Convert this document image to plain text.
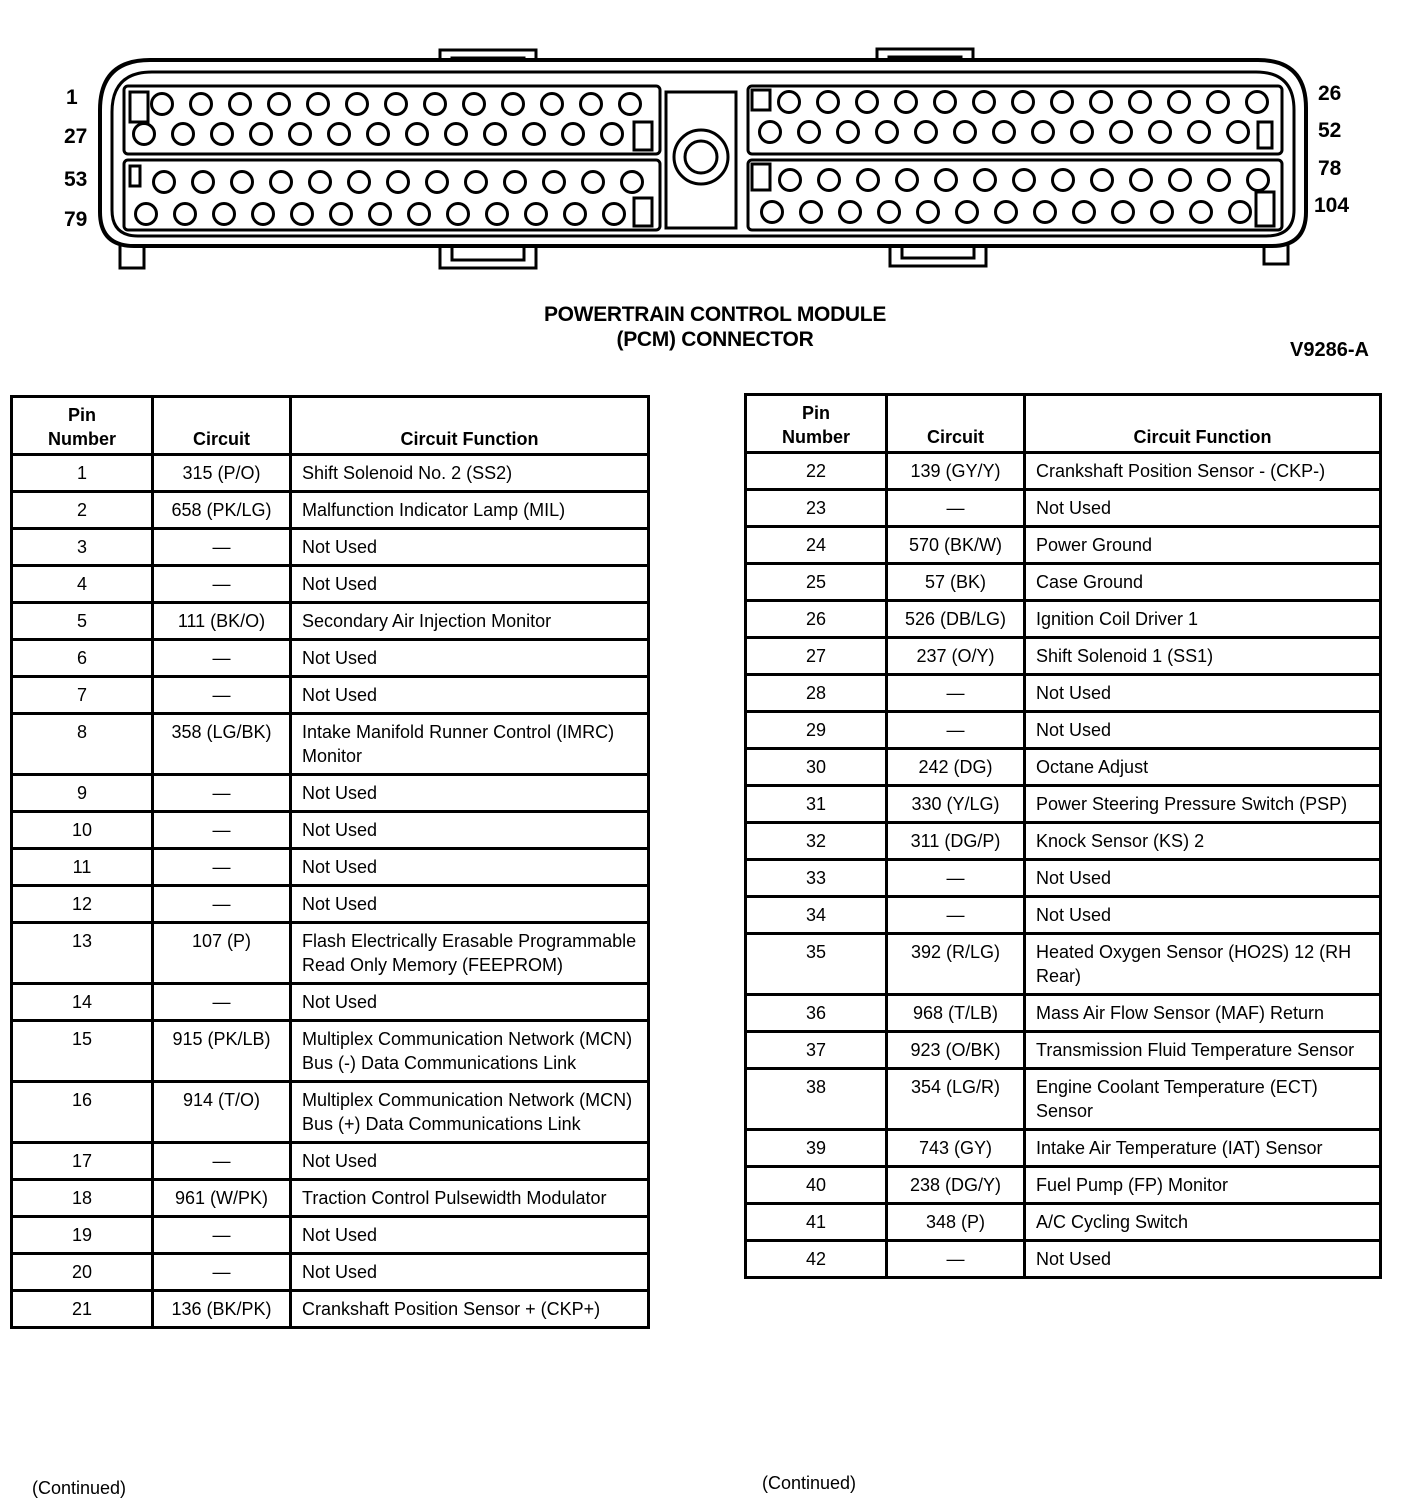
1
27
53
79
26
52
78
104
POWERTRAIN CONTROL MODULE
(PCM) CONNECTOR	V9286-A
Pin
Number	Circuit	Circuit Function
1	315 (P/O)	Shift Solenoid No. 2 (SS2)
2	658 (PK/LG)	Malfunction Indicator Lamp (MIL)
3	—	Not Used
4	—	Not Used
5	111 (BK/O)	Secondary Air Injection Monitor
6	—	Not Used
7	—	Not Used
8	358 (LG/BK)	Intake Manifold Runner Control (IMRC) Monitor
9	—	Not Used
10	—	Not Used
11	—	Not Used
12	—	Not Used
13	107 (P)	Flash Electrically Erasable Programmable Read Only Memory (FEEPROM)
14	—	Not Used
15	915 (PK/LB)	Multiplex Communication Network (MCN) Bus (-) Data Communications Link
16	914 (T/O)	Multiplex Communication Network (MCN) Bus (+) Data Communications Link
17	—	Not Used
18	961 (W/PK)	Traction Control Pulsewidth Modulator
19	—	Not Used
20	—	Not Used
21	136 (BK/PK)	Crankshaft Position Sensor + (CKP+)
Pin
Number	Circuit	Circuit Function
22	139 (GY/Y)	Crankshaft Position Sensor - (CKP-)
23	—	Not Used
24	570 (BK/W)	Power Ground
25	57 (BK)	Case Ground
26	526 (DB/LG)	Ignition Coil Driver 1
27	237 (O/Y)	Shift Solenoid 1 (SS1)
28	—	Not Used
29	—	Not Used
30	242 (DG)	Octane Adjust
31	330 (Y/LG)	Power Steering Pressure Switch (PSP)
32	311 (DG/P)	Knock Sensor (KS) 2
33	—	Not Used
34	—	Not Used
35	392 (R/LG)	Heated Oxygen Sensor (HO2S) 12 (RH Rear)
36	968 (T/LB)	Mass Air Flow Sensor (MAF) Return
37	923 (O/BK)	Transmission Fluid Temperature Sensor
38	354 (LG/R)	Engine Coolant Temperature (ECT) Sensor
39	743 (GY)	Intake Air Temperature (IAT) Sensor
40	238 (DG/Y)	Fuel Pump (FP) Monitor
41	348 (P)	A/C Cycling Switch
42	—	Not Used
(Continued)	(Continued)
